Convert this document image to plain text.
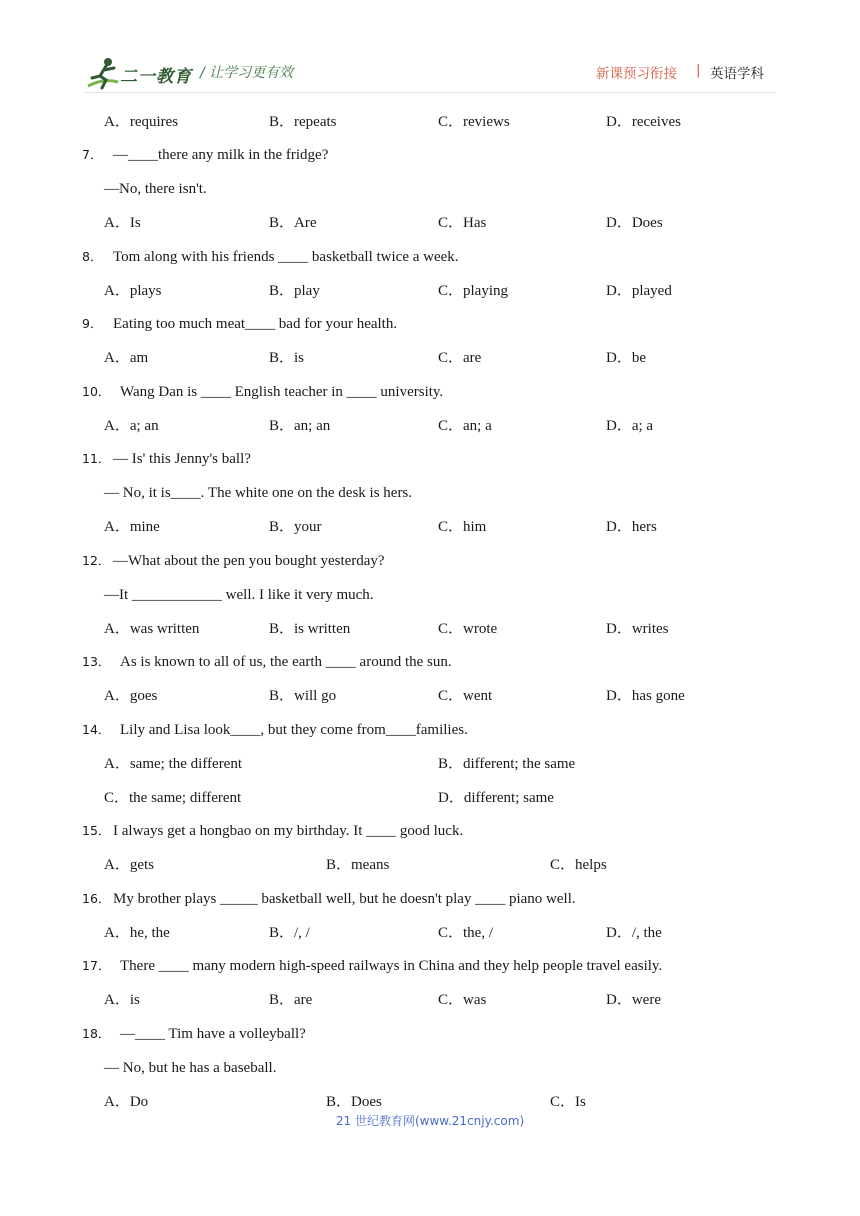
二一教育 / 让学习更有效	新课预习衔接 | 英语学科
A．requires	B．repeats	C．reviews	D．receives
7． —____there any milk in the fridge?
—No, there isn't.
A．Is	B．Are	C．Has	D．Does
8． Tom along with his friends ____ basketball twice a week.
A．plays	B．play	C．playing	D．played
9． Eating too much meat____ bad for your health.
A．am	B．is	C．are	D．be
10． Wang Dan is ____ English teacher in ____ university.
A．a; an	B．an; an	C．an; a	D．a; a
11． — Is' this Jenny's ball?
— No, it is____. The white one on the desk is hers.
A．mine	B．your	C．him	D．hers
12． —What about the pen you bought yesterday?
—It ____________ well. I like it very much.
A．was written	B．is written	C．wrote	D．writes
13． As is known to all of us, the earth ____ around the sun.
A．goes	B．will go	C．went	D．has gone
14． Lily and Lisa look____, but they come from____families.
A．same; the different	B．different; the same
C．the same; different	D．different; same
15． I always get a hongbao on my birthday. It ____ good luck.
A．gets	B．means	C．helps
16． My brother plays _____ basketball well, but he doesn't play ____ piano well.
A．he, the	B．/, /	C．the, /	D．/, the
17． There ____ many modern high-speed railways in China and they help people travel easily.
A．is	B．are	C．was	D．were
18． —____ Tim have a volleyball?
— No, but he has a baseball.
A．Do	B．Does	C．Is
21 世纪教育网(www.21cnjy.com)
